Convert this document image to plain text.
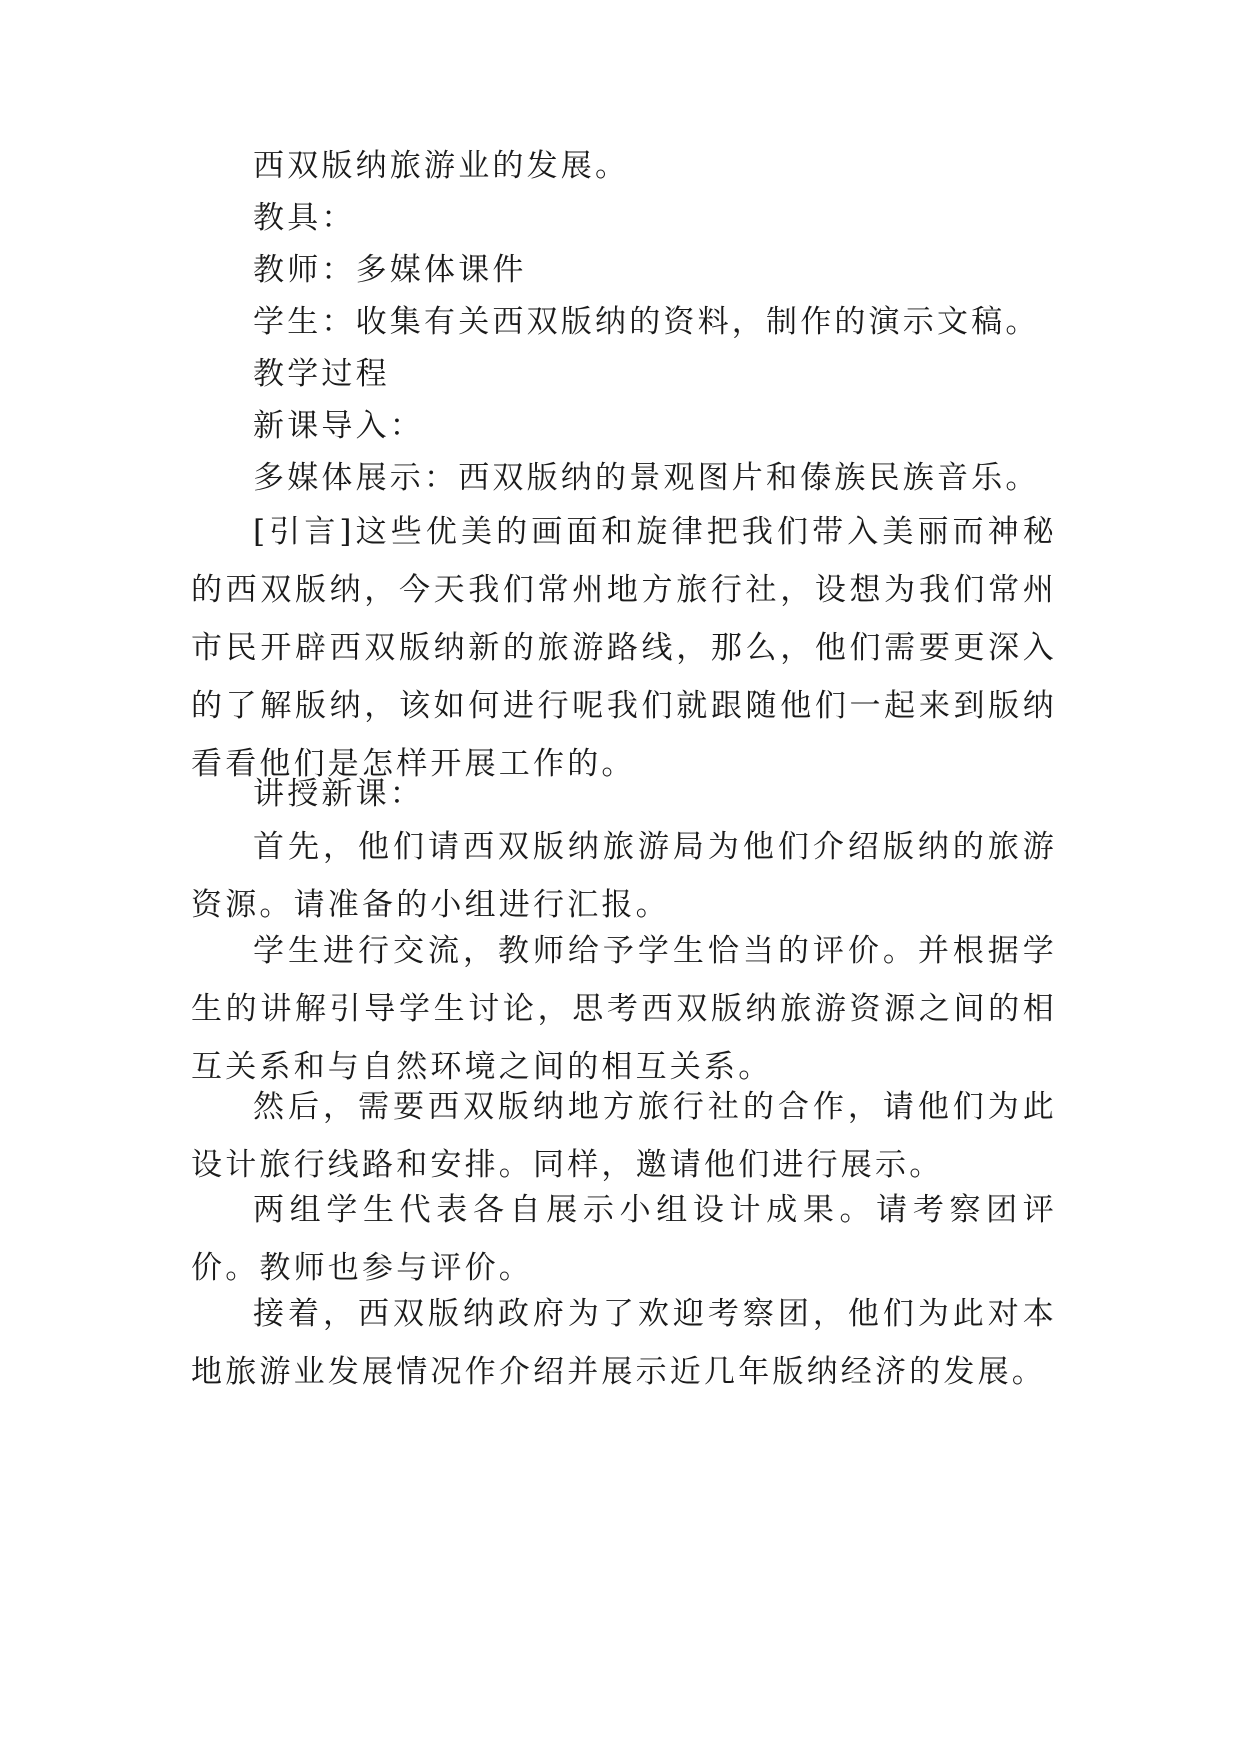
西双版纳旅游业的发展。

教具：

教师：多媒体课件

学生：收集有关西双版纳的资料，制作的演示文稿。

教学过程

新课导入：

多媒体展示：西双版纳的景观图片和傣族民族音乐。

[引言]这些优美的画面和旋律把我们带入美丽而神秘的西双版纳，今天我们常州地方旅行社，设想为我们常州市民开辟西双版纳新的旅游路线，那么，他们需要更深入的了解版纳，该如何进行呢我们就跟随他们一起来到版纳看看他们是怎样开展工作的。

讲授新课：

首先，他们请西双版纳旅游局为他们介绍版纳的旅游资源。请准备的小组进行汇报。

学生进行交流，教师给予学生恰当的评价。并根据学生的讲解引导学生讨论，思考西双版纳旅游资源之间的相互关系和与自然环境之间的相互关系。

然后，需要西双版纳地方旅行社的合作，请他们为此设计旅行线路和安排。同样，邀请他们进行展示。

两组学生代表各自展示小组设计成果。请考察团评价。教师也参与评价。

接着，西双版纳政府为了欢迎考察团，他们为此对本地旅游业发展情况作介绍并展示近几年版纳经济的发展。
